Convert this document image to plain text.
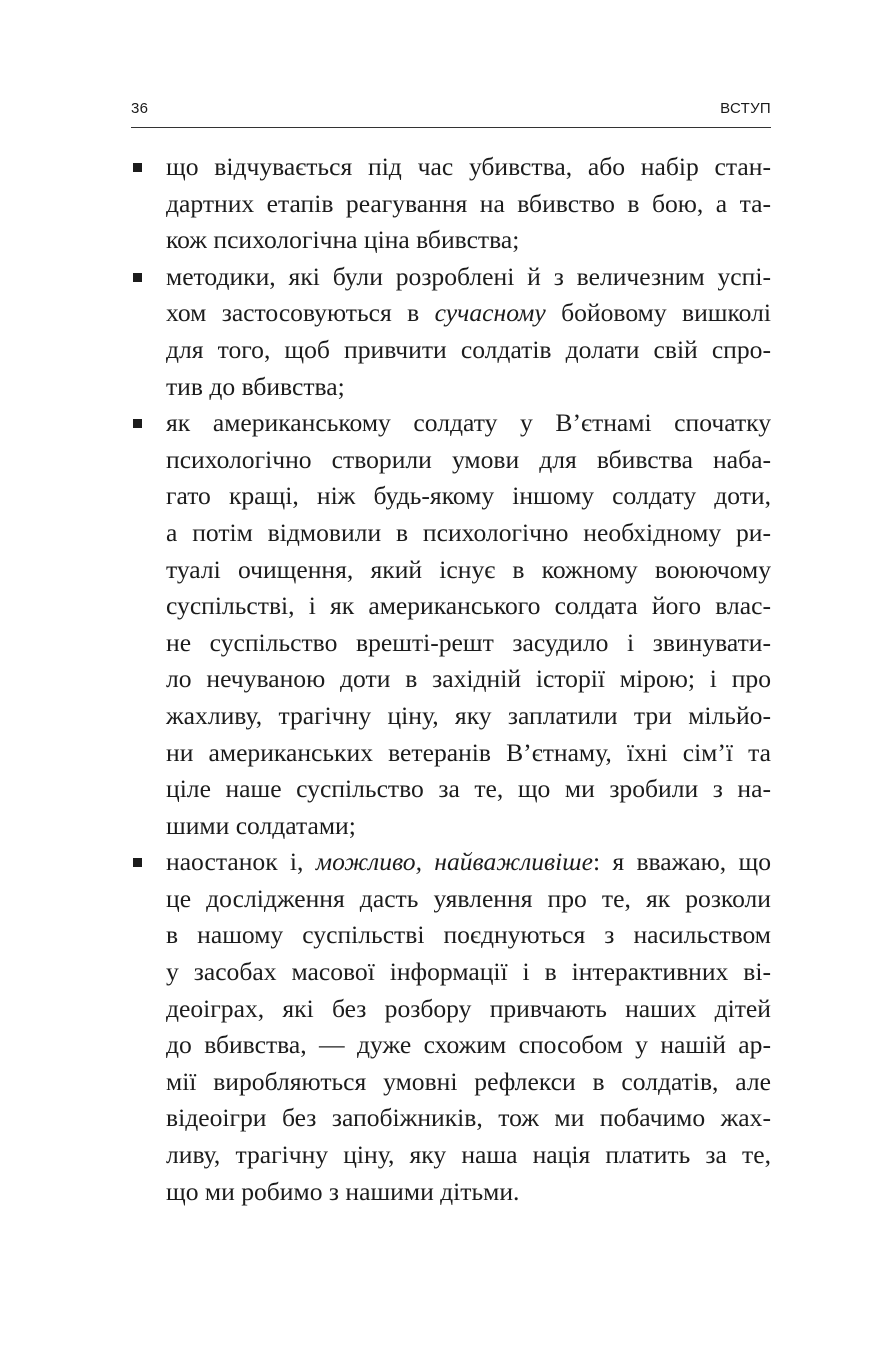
36	ВСТУП
що відчувається під час убивства, або набір стан-
дартних етапів реагування на вбивство в бою, а та-
кож психологічна ціна вбивства;
методики, які були розроблені й з величезним успі-
хом застосовуються в сучасному бойовому вишколі
для того, щоб привчити солдатів долати свій спро-
тив до вбивства;
як американському солдату у В’єтнамі спочатку
психологічно створили умови для вбивства наба-
гато кращі, ніж будь-якому іншому солдату доти,
а потім відмовили в психологічно необхідному ри-
туалі очищення, який існує в кожному воюючому
суспільстві, і як американського солдата його влас-
не суспільство врешті-решт засудило і звинувати-
ло нечуваною доти в західній історії мірою; і про
жахливу, трагічну ціну, яку заплатили три мільйо-
ни американських ветеранів В’єтнаму, їхні сім’ї та
ціле наше суспільство за те, що ми зробили з на-
шими солдатами;
наостанок і, можливо, найважливіше: я вважаю, що
це дослідження дасть уявлення про те, як розколи
в нашому суспільстві поєднуються з насильством
у засобах масової інформації і в інтерактивних ві-
деоіграх, які без розбору привчають наших дітей
до вбивства, — дуже схожим способом у нашій ар-
мії виробляються умовні рефлекси в солдатів, але
відеоігри без запобіжників, тож ми побачимо жах-
ливу, трагічну ціну, яку наша нація платить за те,
що ми робимо з нашими дітьми.
